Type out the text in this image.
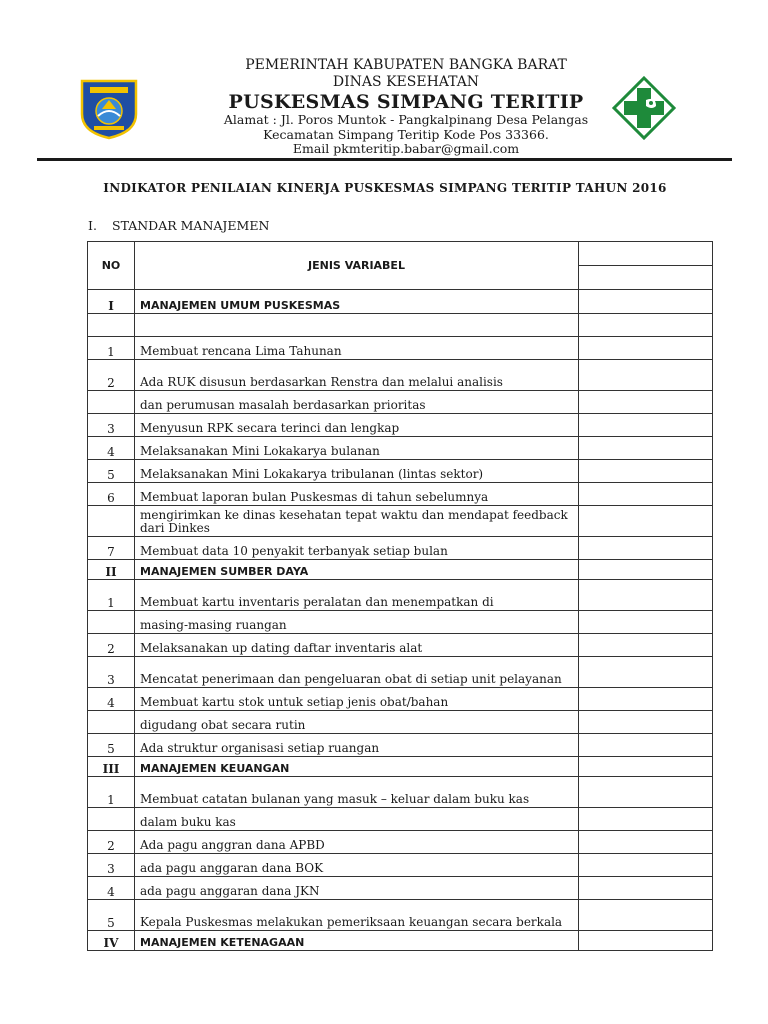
PEMERINTAH KABUPATEN BANGKA BARAT
DINAS KESEHATAN
PUSKESMAS SIMPANG TERITIP
Alamat : Jl. Poros Muntok - Pangkalpinang Desa Pelangas
Kecamatan Simpang Teritip Kode Pos 33366.
Email pkmteritip.babar@gmail.com
INDIKATOR PENILAIAN KINERJA PUSKESMAS SIMPANG TERITIP TAHUN 2016
I. STANDAR MANAJEMEN
NO	JENIS VARIABEL	

I	MANAJEMEN UMUM PUSKESMAS	

1	Membuat rencana Lima Tahunan	
2	Ada RUK disusun berdasarkan Renstra dan melalui analisis	
	dan perumusan masalah berdasarkan prioritas	
3	Menyusun RPK secara terinci dan lengkap	
4	Melaksanakan Mini Lokakarya bulanan	
5	Melaksanakan Mini Lokakarya tribulanan (lintas sektor)	
6	Membuat laporan bulan Puskesmas di tahun sebelumnya	
	mengirimkan ke dinas kesehatan tepat waktu dan mendapat feedback dari Dinkes	
7	Membuat data 10 penyakit terbanyak setiap bulan	
II	MANAJEMEN SUMBER DAYA	
1	Membuat kartu inventaris peralatan dan menempatkan di	
	masing-masing ruangan	
2	Melaksanakan up dating daftar inventaris alat	
3	Mencatat penerimaan dan pengeluaran obat di setiap unit pelayanan	
4	Membuat kartu stok untuk setiap jenis obat/bahan	
	digudang obat secara rutin	
5	Ada struktur organisasi setiap ruangan	
III	MANAJEMEN KEUANGAN	
1	Membuat catatan bulanan yang masuk – keluar dalam buku kas	
	dalam buku kas	
2	Ada pagu anggran dana APBD	
3	ada pagu anggaran dana BOK	
4	ada pagu anggaran dana JKN	
5	Kepala Puskesmas melakukan pemeriksaan keuangan secara berkala	
IV	MANAJEMEN KETENAGAAN	
